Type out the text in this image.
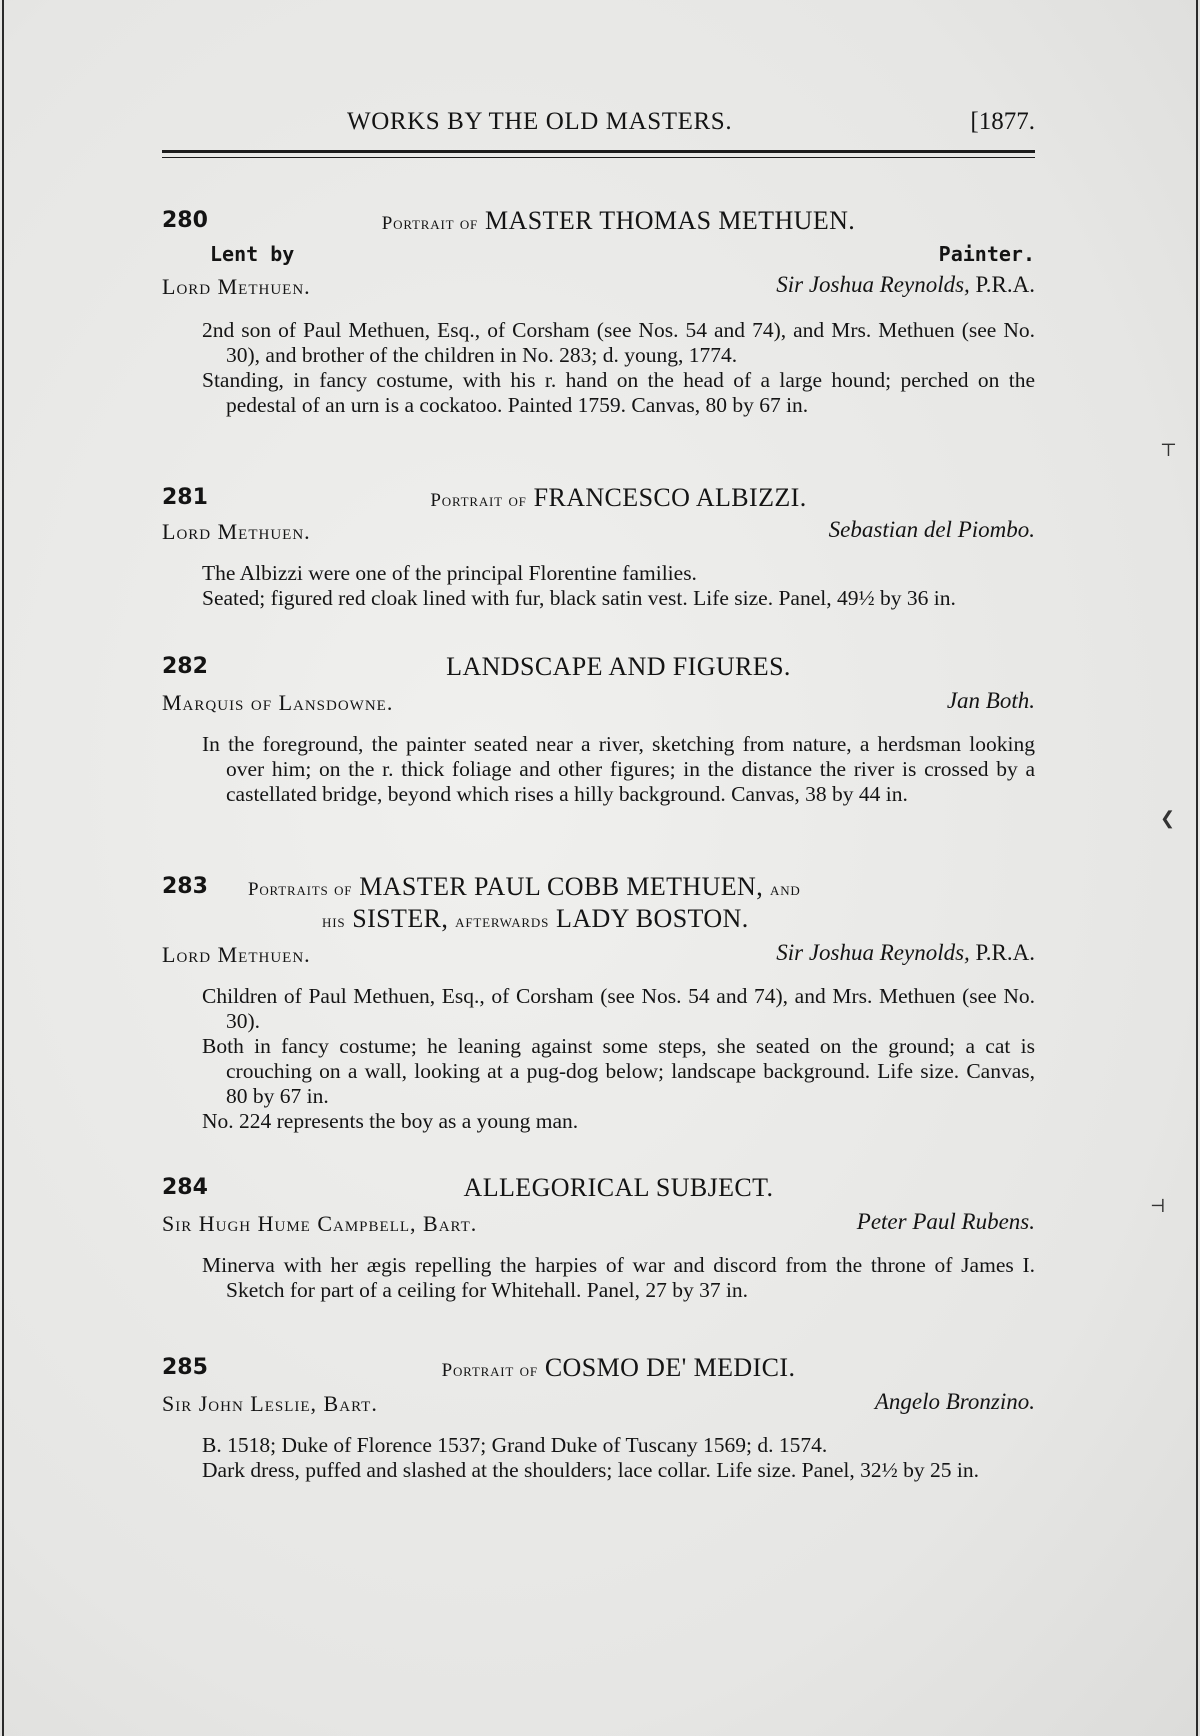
WORKS BY THE OLD MASTERS.	[1877.
280	Portrait of MASTER THOMAS METHUEN.
Lent by	Painter.
Lord Methuen.	Sir Joshua Reynolds, P.R.A.

2nd son of Paul Methuen, Esq., of Corsham (see Nos. 54 and 74), and Mrs. Methuen (see No. 30), and brother of the children in No. 283; d. young, 1774.

Standing, in fancy costume, with his r. hand on the head of a large hound; perched on the pedestal of an urn is a cockatoo. Painted 1759. Canvas, 80 by 67 in.

281	Portrait of FRANCESCO ALBIZZI.
Lord Methuen.	Sebastian del Piombo.

The Albizzi were one of the principal Florentine families.

Seated; figured red cloak lined with fur, black satin vest. Life size. Panel, 49½ by 36 in.

282	LANDSCAPE AND FIGURES.
Marquis of Lansdowne.	Jan Both.

In the foreground, the painter seated near a river, sketching from nature, a herdsman looking over him; on the r. thick foliage and other figures; in the distance the river is crossed by a castellated bridge, beyond which rises a hilly background. Canvas, 38 by 44 in.

283 Portraits of MASTER PAUL COBB METHUEN, and
his SISTER, afterwards LADY BOSTON.
Lord Methuen.	Sir Joshua Reynolds, P.R.A.

Children of Paul Methuen, Esq., of Corsham (see Nos. 54 and 74), and Mrs. Methuen (see No. 30).

Both in fancy costume; he leaning against some steps, she seated on the ground; a cat is crouching on a wall, looking at a pug-dog below; landscape background. Life size. Canvas, 80 by 67 in.

No. 224 represents the boy as a young man.

284	ALLEGORICAL SUBJECT.
Sir Hugh Hume Campbell, Bart.	Peter Paul Rubens.

Minerva with her ægis repelling the harpies of war and discord from the throne of James I. Sketch for part of a ceiling for Whitehall. Panel, 27 by 37 in.

285	Portrait of COSMO DE' MEDICI.
Sir John Leslie, Bart.	Angelo Bronzino.

B. 1518; Duke of Florence 1537; Grand Duke of Tuscany 1569; d. 1574.

Dark dress, puffed and slashed at the shoulders; lace collar. Life size. Panel, 32½ by 25 in.

⊤
❮
⊣
